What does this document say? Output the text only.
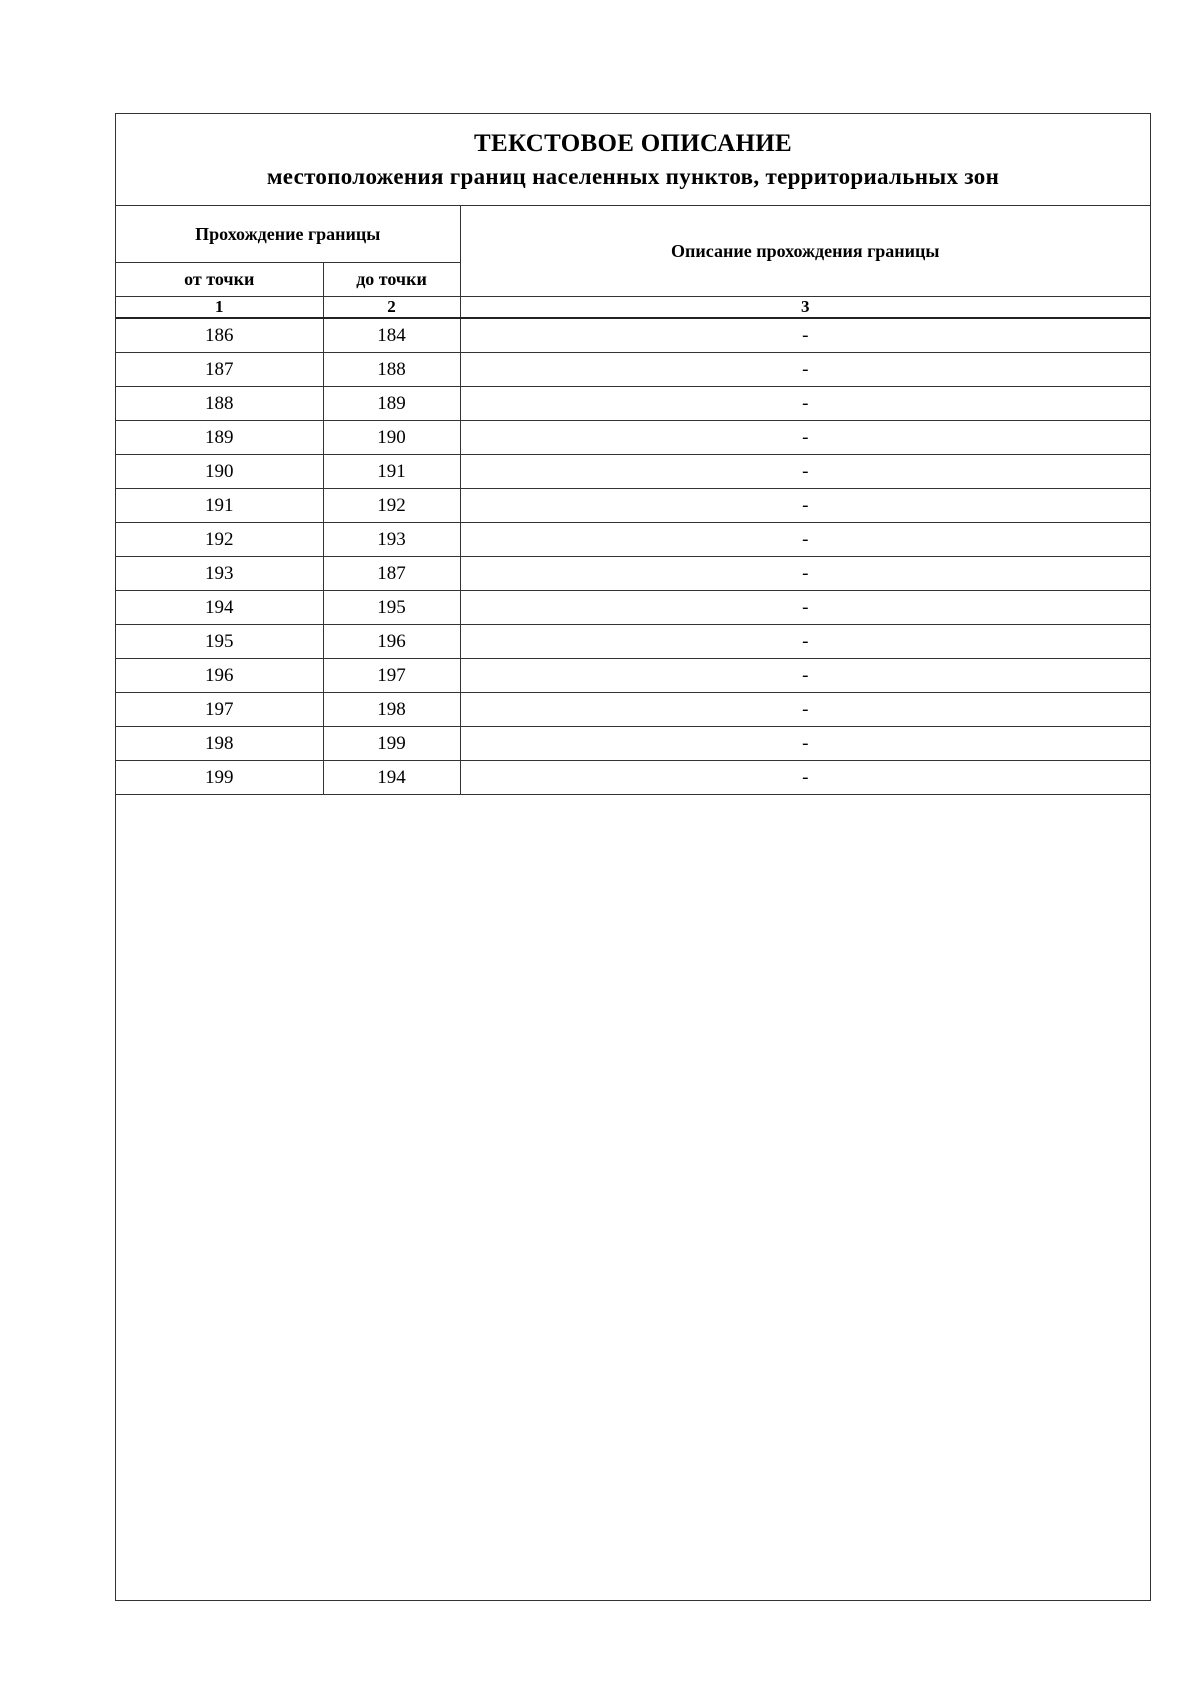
ТЕКСТОВОЕ ОПИСАНИЕ
местоположения границ населенных пунктов, территориальных зон
Прохождение границы		Описание прохождения границы
от точки	до точки	
1	2	3
186	184	-
187	188	-
188	189	-
189	190	-
190	191	-
191	192	-
192	193	-
193	187	-
194	195	-
195	196	-
196	197	-
197	198	-
198	199	-
199	194	-
